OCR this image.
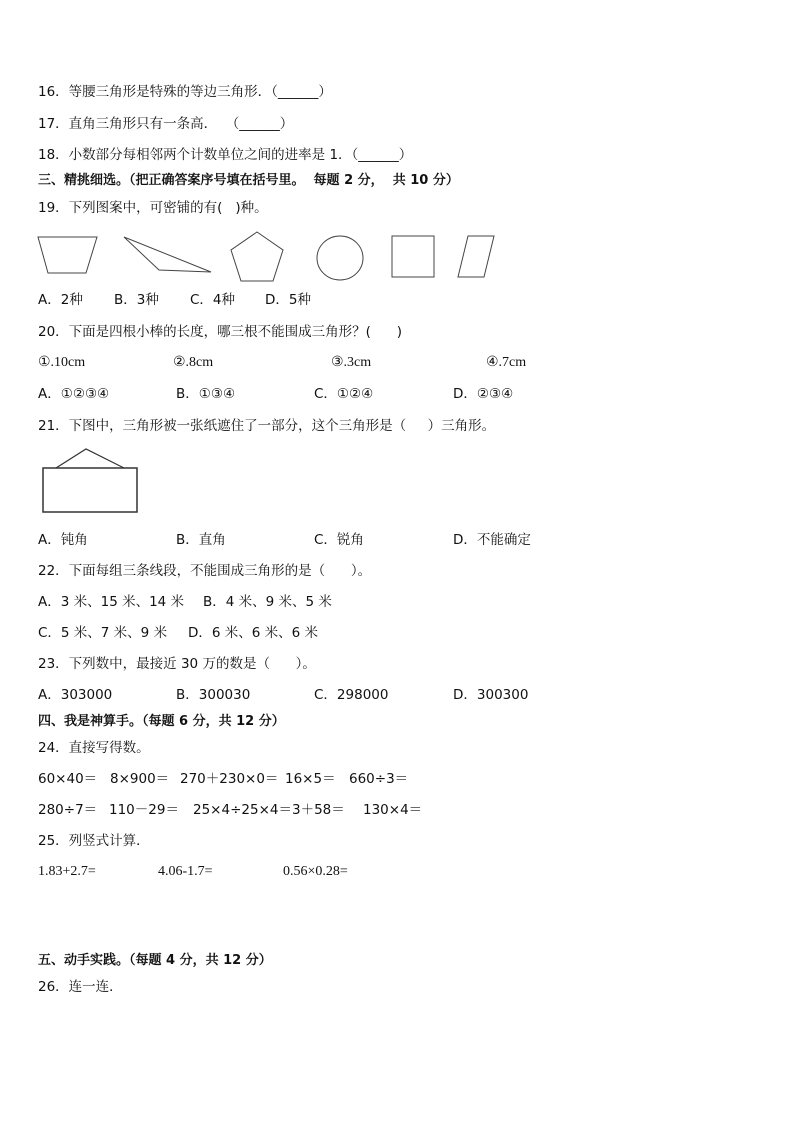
16．等腰三角形是特殊的等边三角形．（______）
17．直角三角形只有一条高．  （______）
18．小数部分每相邻两个计数单位之间的进率是 1．（______）
三、精挑细选。（把正确答案序号填在括号里。  每题 2 分，  共 10 分）
19．下列图案中，可密铺的有(   )种。
A．2种 B．3种 C．4种 D．5种
20．下面是四根小棒的长度，哪三根不能围成三角形？(      )
①.10cm	②.8cm	③.3cm	④.7cm
A．①②③④	B．①③④	C．①②④	D．②③④
21．下图中，三角形被一张纸遮住了一部分，这个三角形是（     ）三角形。
A．钝角	B．直角	C．锐角	D．不能确定
22．下面每组三条线段，不能围成三角形的是（      ）。
A．3 米、15 米、14 米 B．4 米、9 米、5 米
C．5 米、7 米、9 米 D．6 米、6 米、6 米
23．下列数中，最接近 30 万的数是（      ）。
A．303000	B．300030	C．298000	D．300300
四、我是神算手。（每题 6 分，共 12 分）
24．直接写得数。
60×40＝ 8×900＝ 270＋230×0＝ 16×5＝ 660÷3＝
280÷7＝ 110－29＝ 25×4÷25×4＝ 3＋58＝ 130×4＝
25．列竖式计算．
1.83+2.7=	4.06-1.7=	0.56×0.28=
五、动手实践。（每题 4 分，共 12 分）
26．连一连．
